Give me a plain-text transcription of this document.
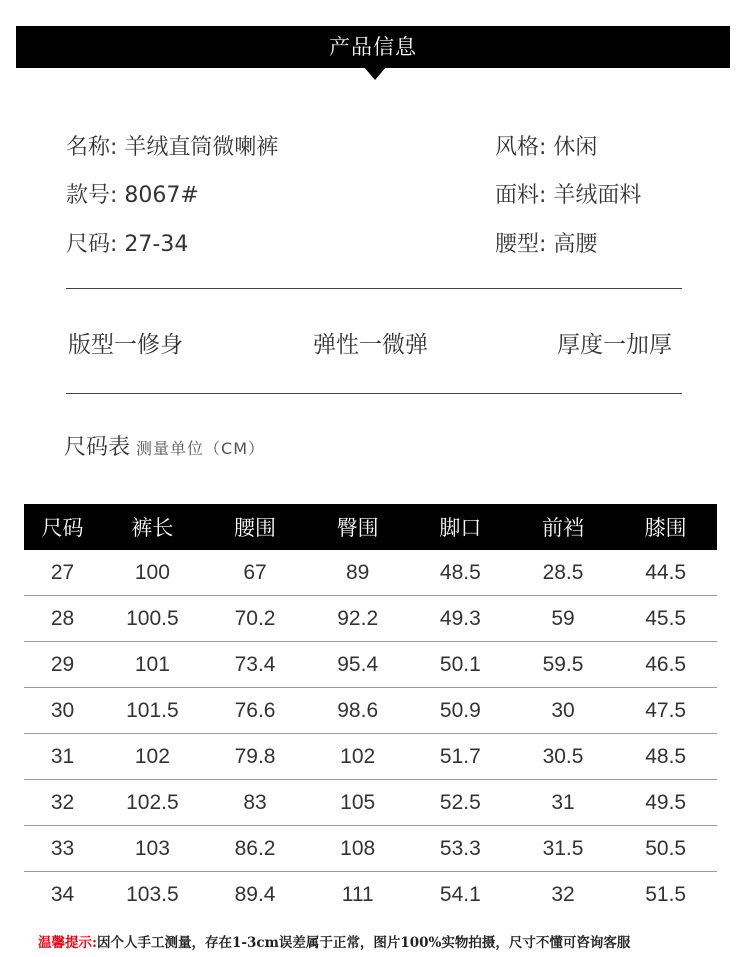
产品信息
名称: 羊绒直筒微喇裤	风格: 休闲
款号: 8067#	面料: 羊绒面料
尺码: 27-34	腰型: 高腰
版型一修身	弹性一微弹	厚度一加厚
尺码表 测量单位（CM）
尺码	裤长	腰围	臀围	脚口	前裆	膝围
27	100	67	89	48.5	28.5	44.5
28	100.5	70.2	92.2	49.3	59	45.5
29	101	73.4	95.4	50.1	59.5	46.5
30	101.5	76.6	98.6	50.9	30	47.5
31	102	79.8	102	51.7	30.5	48.5
32	102.5	83	105	52.5	31	49.5
33	103	86.2	108	53.3	31.5	50.5
34	103.5	89.4	111	54.1	32	51.5
温馨提示:因个人手工测量，存在1-3cm误差属于正常，图片100%实物拍摄，尺寸不懂可咨询客服
